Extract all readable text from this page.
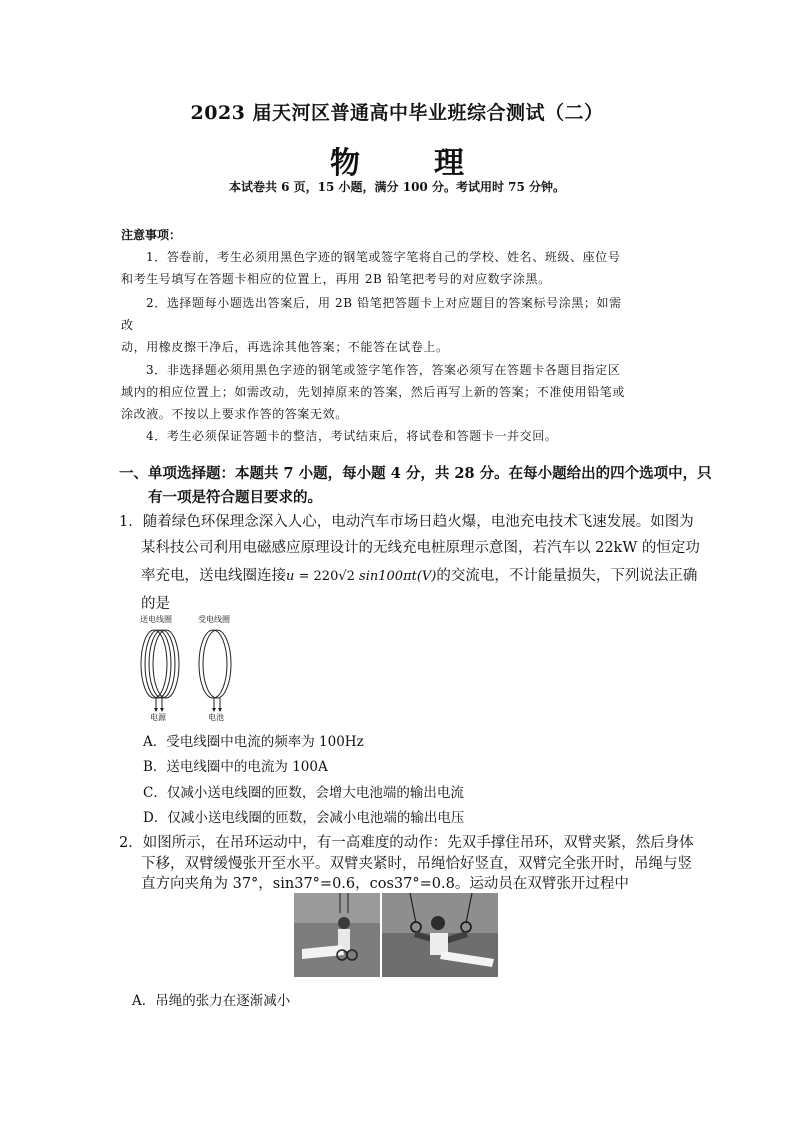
2023 届天河区普通高中毕业班综合测试（二）
物　理
本试卷共 6 页，15 小题，满分 100 分。考试用时 75 分钟。
注意事项：
1．答卷前，考生必须用黑色字迹的钢笔或签字笔将自己的学校、姓名、班级、座位号
和考生号填写在答题卡相应的位置上，再用 2B 铅笔把考号的对应数字涂黑。
2．选择题每小题选出答案后，用 2B 铅笔把答题卡上对应题目的答案标号涂黑；如需
改
动，用橡皮擦干净后，再选涂其他答案；不能答在试卷上。
3．非选择题必须用黑色字迹的钢笔或签字笔作答，答案必须写在答题卡各题目指定区
域内的相应位置上；如需改动，先划掉原来的答案，然后再写上新的答案；不准使用铅笔或
涂改液。不按以上要求作答的答案无效。
4．考生必须保证答题卡的整洁，考试结束后，将试卷和答题卡一并交回。
一、单项选择题：本题共 7 小题，每小题 4 分，共 28 分。在每小题给出的四个选项中，只
有一项是符合题目要求的。
1．随着绿色环保理念深入人心，电动汽车市场日趋火爆，电池充电技术飞速发展。如图为
某科技公司利用电磁感应原理设计的无线充电桩原理示意图，若汽车以 22kW 的恒定功
率充电，送电线圈连接u = 220√2 sin100πt(V)的交流电，不计能量损失，下列说法正确
的是
送电线圈	受电线圈
电源	电池
A．受电线圈中电流的频率为 100Hz
B．送电线圈中的电流为 100A
C．仅减小送电线圈的匝数，会增大电池端的输出电流
D．仅减小送电线圈的匝数，会减小电池端的输出电压
2．如图所示，在吊环运动中，有一高难度的动作：先双手撑住吊环，双臂夹紧，然后身体
下移，双臂缓慢张开至水平。双臂夹紧时，吊绳恰好竖直，双臂完全张开时，吊绳与竖
直方向夹角为 37°，sin37°=0.6，cos37°=0.8。运动员在双臂张开过程中
A．吊绳的张力在逐渐减小
